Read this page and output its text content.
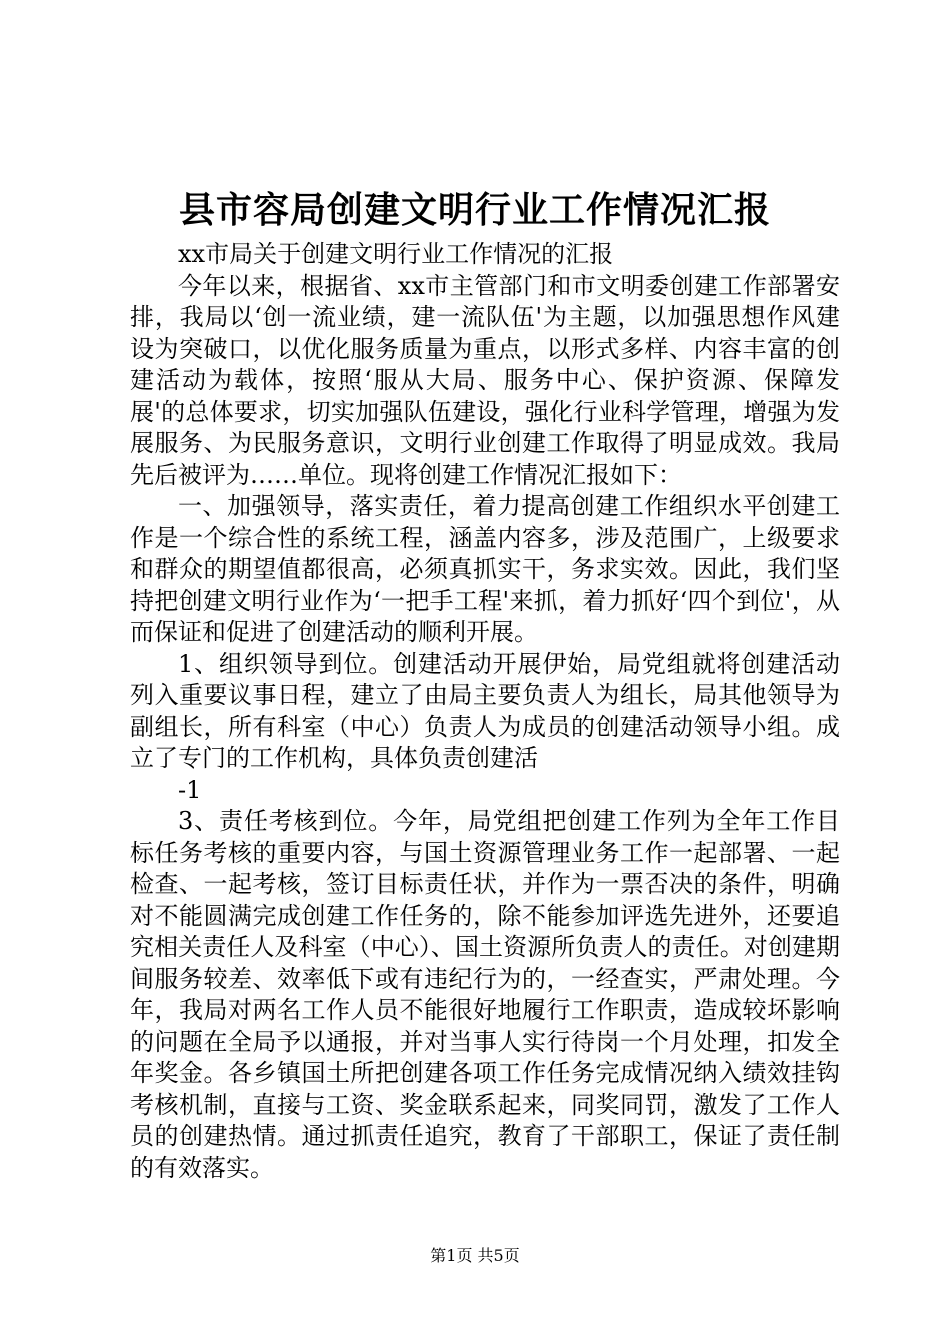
县市容局创建文明行业工作情况汇报

xx市局关于创建文明行业工作情况的汇报

今年以来，根据省、xx市主管部门和市文明委创建工作部署安排，我局以‘创一流业绩，建一流队伍'为主题，以加强思想作风建设为突破口，以优化服务质量为重点，以形式多样、内容丰富的创建活动为载体，按照‘服从大局、服务中心、保护资源、保障发展'的总体要求，切实加强队伍建设，强化行业科学管理，增强为发展服务、为民服务意识，文明行业创建工作取得了明显成效。我局先后被评为……单位。现将创建工作情况汇报如下：

一、加强领导，落实责任，着力提高创建工作组织水平创建工作是一个综合性的系统工程，涵盖内容多，涉及范围广，上级要求和群众的期望值都很高，必须真抓实干，务求实效。因此，我们坚持把创建文明行业作为‘一把手工程'来抓，着力抓好‘四个到位'，从而保证和促进了创建活动的顺利开展。

1、组织领导到位。创建活动开展伊始，局党组就将创建活动列入重要议事日程，建立了由局主要负责人为组长，局其他领导为副组长，所有科室（中心）负责人为成员的创建活动领导小组。成立了专门的工作机构，具体负责创建活

-1

3、责任考核到位。今年，局党组把创建工作列为全年工作目标任务考核的重要内容，与国土资源管理业务工作一起部署、一起检查、一起考核，签订目标责任状，并作为一票否决的条件，明确对不能圆满完成创建工作任务的，除不能参加评选先进外，还要追究相关责任人及科室（中心）、国土资源所负责人的责任。对创建期间服务较差、效率低下或有违纪行为的，一经查实，严肃处理。今年，我局对两名工作人员不能很好地履行工作职责，造成较坏影响的问题在全局予以通报，并对当事人实行待岗一个月处理，扣发全年奖金。各乡镇国土所把创建各项工作任务完成情况纳入绩效挂钩考核机制，直接与工资、奖金联系起来，同奖同罚，激发了工作人员的创建热情。通过抓责任追究，教育了干部职工，保证了责任制的有效落实。

第1页 共5页
